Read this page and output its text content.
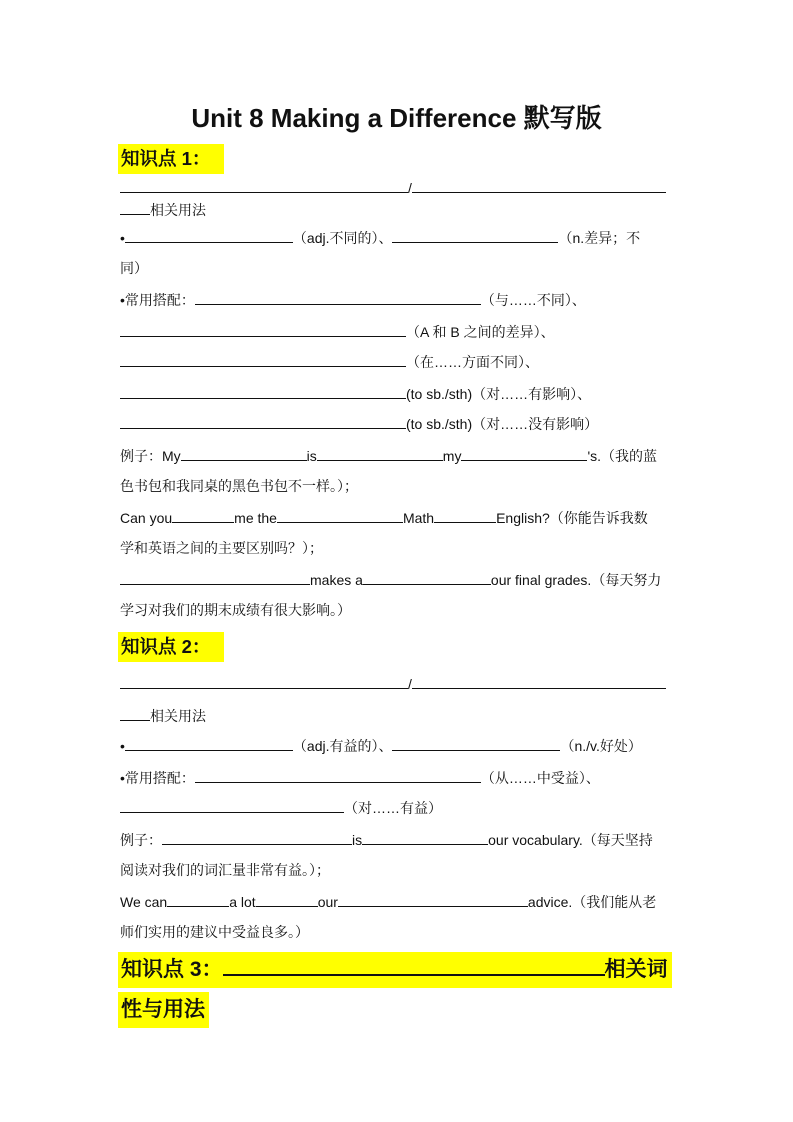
Unit 8 Making a Difference 默写版
知识点 1：
/
相关用法
•	（adj.不同的）、	（n.差异；不
同）
•常用搭配：	（与……不同）、
（A 和 B 之间的差异）、
（在……方面不同）、
(to sb./sth)（对……有影响）、
(to sb./sth)（对……没有影响）
例子：My	is	my	's.（我的蓝
色书包和我同桌的黑色书包不一样。）；
Can you	me the	Math	English?（你能告诉我数
学和英语之间的主要区别吗？）；
makes a	our final grades.（每天努力
学习对我们的期末成绩有很大影响。）
知识点 2：
/
相关用法
•	（adj.有益的）、	（n./v.好处）
•常用搭配：	（从……中受益）、
（对……有益）
例子：	is	our vocabulary.（每天坚持
阅读对我们的词汇量非常有益。）；
We can	a lot	our	advice.（我们能从老
师们实用的建议中受益良多。）
知识点 3：	相关词
性与用法
